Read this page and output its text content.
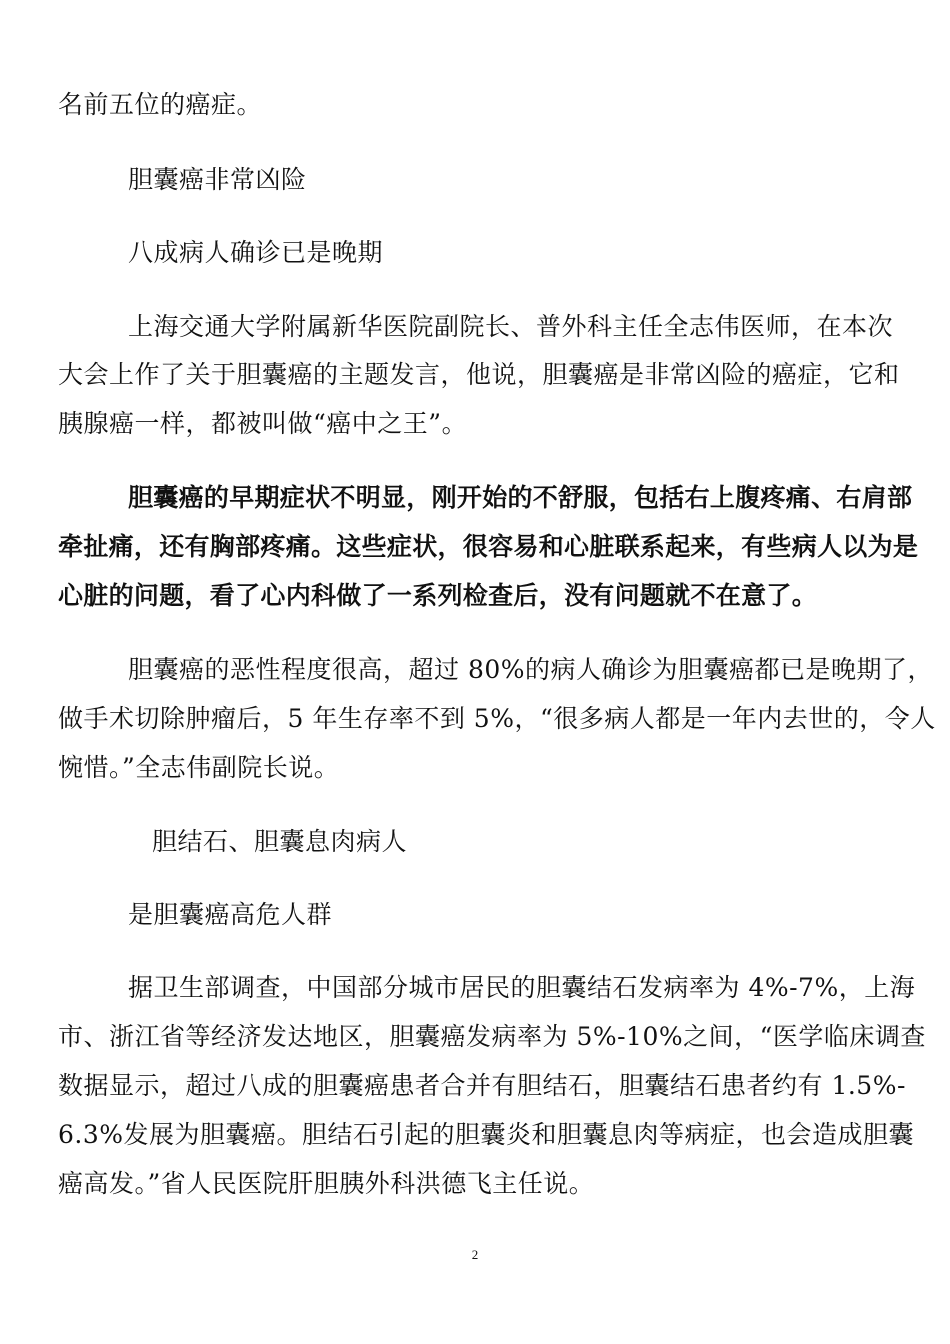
名前五位的癌症。
胆囊癌非常凶险
八成病人确诊已是晚期
上海交通大学附属新华医院副院长、普外科主任全志伟医师，在本次
大会上作了关于胆囊癌的主题发言，他说，胆囊癌是非常凶险的癌症，它和
胰腺癌一样，都被叫做“癌中之王”。
胆囊癌的早期症状不明显，刚开始的不舒服，包括右上腹疼痛、右肩部
牵扯痛，还有胸部疼痛。这些症状，很容易和心脏联系起来，有些病人以为是
心脏的问题，看了心内科做了一系列检查后，没有问题就不在意了。
胆囊癌的恶性程度很高，超过 80%的病人确诊为胆囊癌都已是晚期了，
做手术切除肿瘤后，5 年生存率不到 5%，“很多病人都是一年内去世的，令人
惋惜。”全志伟副院长说。
胆结石、胆囊息肉病人
是胆囊癌高危人群
据卫生部调查，中国部分城市居民的胆囊结石发病率为 4%-7%，上海
市、浙江省等经济发达地区，胆囊癌发病率为 5%-10%之间，“医学临床调查
数据显示，超过八成的胆囊癌患者合并有胆结石，胆囊结石患者约有 1.5%-
6.3%发展为胆囊癌。胆结石引起的胆囊炎和胆囊息肉等病症，也会造成胆囊
癌高发。”省人民医院肝胆胰外科洪德飞主任说。
2
